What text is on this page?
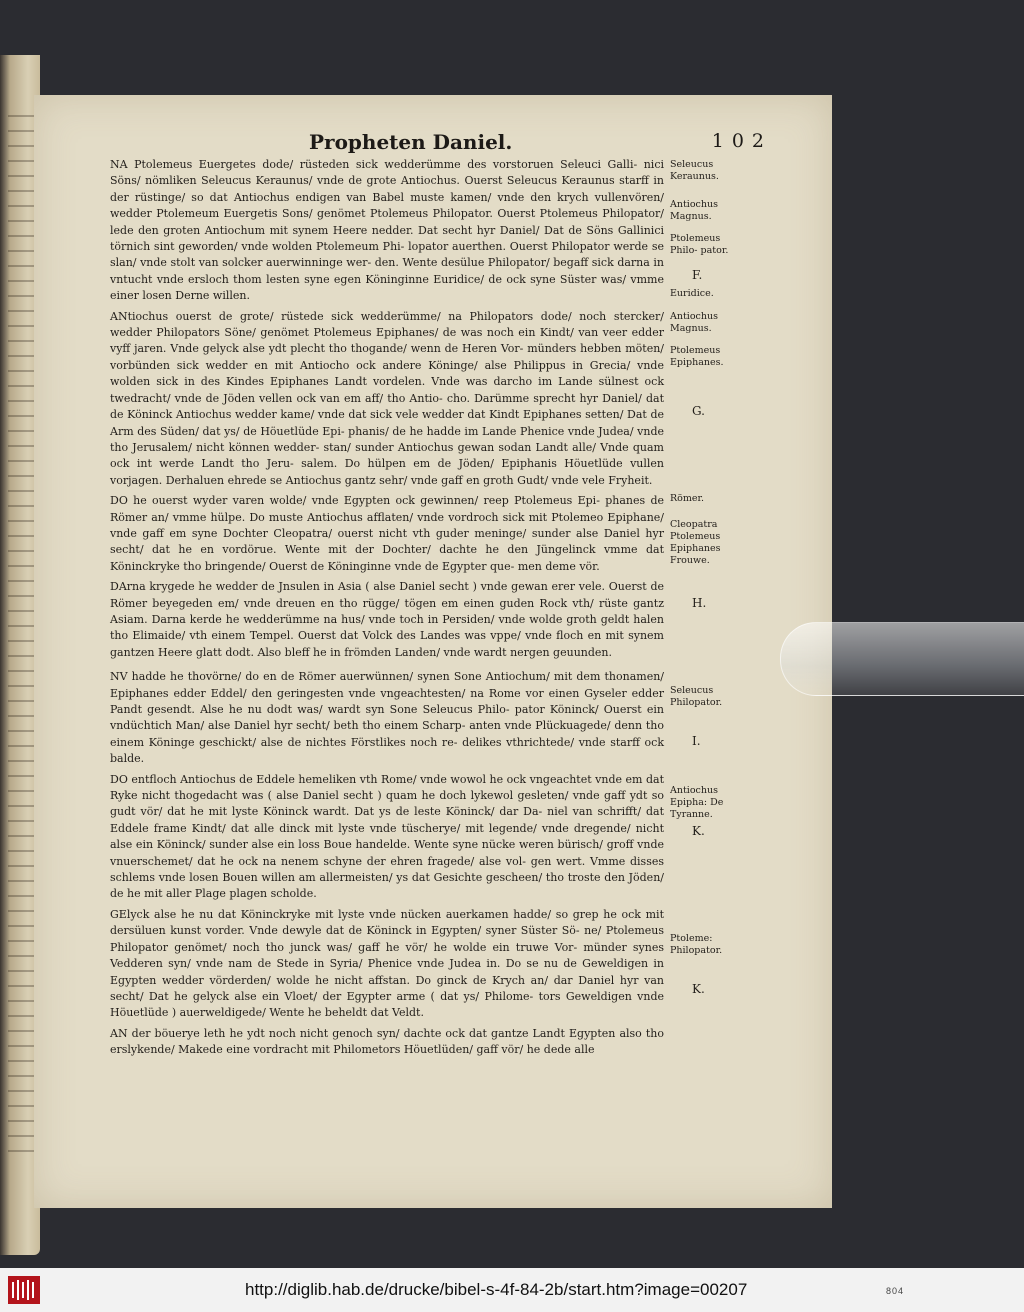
Propheten Daniel.	102

NA Ptolemeus Euergetes dode/ rüsteden sick wedderümme des vorstoruen Seleuci Galli- nici Söns/ nömliken Seleucus Keraunus/ vnde de grote Antiochus. Ouerst Seleucus Keraunus starff in der rüstinge/ so dat Antiochus endigen van Babel muste kamen/ vnde den krych vullenvören/ wedder Ptolemeum Euergetis Sons/ genömet Ptolemeus Philopator. Ouerst Ptolemeus Philopator/ lede den groten Antiochum mit synem Heere nedder. Dat secht hyr Daniel/ Dat de Söns Gallinici törnich sint geworden/ vnde wolden Ptolemeum Phi- lopator auerthen. Ouerst Philopator werde se slan/ vnde stolt van solcker auerwinninge wer- den. Wente desülue Philopator/ begaff sick darna in vntucht vnde ersloch thom lesten syne egen Köninginne Euridice/ de ock syne Süster was/ vmme einer losen Derne willen.

ANtiochus ouerst de grote/ rüstede sick wedderümme/ na Philopators dode/ noch stercker/ wedder Philopators Söne/ genömet Ptolemeus Epiphanes/ de was noch ein Kindt/ van veer edder vyff jaren. Vnde gelyck alse ydt plecht tho thogande/ wenn de Heren Vor- münders hebben möten/ vorbünden sick wedder en mit Antiocho ock andere Köninge/ alse Philippus in Grecia/ vnde wolden sick in des Kindes Epiphanes Landt vordelen. Vnde was darcho im Lande sülnest ock twedracht/ vnde de Jöden vellen ock van em aff/ tho Antio- cho. Darümme sprecht hyr Daniel/ dat de Köninck Antiochus wedder kame/ vnde dat sick vele wedder dat Kindt Epiphanes setten/ Dat de Arm des Süden/ dat ys/ de Höuetlüde Epi- phanis/ de he hadde im Lande Phenice vnde Judea/ vnde tho Jerusalem/ nicht können wedder- stan/ sunder Antiochus gewan sodan Landt alle/ Vnde quam ock int werde Landt tho Jeru- salem. Do hülpen em de Jöden/ Epiphanis Höuetlüde vullen vorjagen. Derhaluen ehrede se Antiochus gantz sehr/ vnde gaff en groth Gudt/ vnde vele Fryheit.

DO he ouerst wyder varen wolde/ vnde Egypten ock gewinnen/ reep Ptolemeus Epi- phanes de Römer an/ vmme hülpe. Do muste Antiochus afflaten/ vnde vordroch sick mit Ptolemeo Epiphane/ vnde gaff em syne Dochter Cleopatra/ ouerst nicht vth guder meninge/ sunder alse Daniel hyr secht/ dat he en vordörue. Wente mit der Dochter/ dachte he den Jüngelinck vmme dat Köninckryke tho bringende/ Ouerst de Köninginne vnde de Egypter que- men deme vör.

DArna krygede he wedder de Jnsulen in Asia ( alse Daniel secht ) vnde gewan erer vele. Ouerst de Römer beyegeden em/ vnde dreuen en tho rügge/ tögen em einen guden Rock vth/ rüste gantz Asiam. Darna kerde he wedderümme na hus/ vnde toch in Persiden/ vnde wolde groth geldt halen tho Elimaide/ vth einem Tempel. Ouerst dat Volck des Landes was vppe/ vnde floch en mit synem gantzen Heere glatt dodt. Also bleff he in frömden Landen/ vnde wardt nergen geuunden.

NV hadde he thovörne/ do en de Römer auerwünnen/ synen Sone Antiochum/ mit dem thonamen/ Epiphanes edder Eddel/ den geringesten vnde vngeachtesten/ na Rome vor einen Gyseler edder Pandt gesendt. Alse he nu dodt was/ wardt syn Sone Seleucus Philo- pator Köninck/ Ouerst ein vndüchtich Man/ alse Daniel hyr secht/ beth tho einem Scharp- anten vnde Plückuagede/ denn tho einem Köninge geschickt/ alse de nichtes Förstlikes noch re- delikes vthrichtede/ vnde starff ock balde.

DO entfloch Antiochus de Eddele hemeliken vth Rome/ vnde wowol he ock vngeachtet vnde em dat Ryke nicht thogedacht was ( alse Daniel secht ) quam he doch lykewol gesleten/ vnde gaff ydt so gudt vör/ dat he mit lyste Köninck wardt. Dat ys de leste Köninck/ dar Da- niel van schrifft/ dat Eddele frame Kindt/ dat alle dinck mit lyste vnde tüscherye/ mit legende/ vnde dregende/ nicht alse ein Köninck/ sunder alse ein loss Boue handelde. Wente syne nücke weren bürisch/ groff vnde vnuerschemet/ dat he ock na nenem schyne der ehren fragede/ alse vol- gen wert. Vmme disses schlems vnde losen Bouen willen am allermeisten/ ys dat Gesichte gescheen/ tho troste den Jöden/ de he mit aller Plage plagen scholde.

GElyck alse he nu dat Köninckryke mit lyste vnde nücken auerkamen hadde/ so grep he ock mit dersüluen kunst vorder. Vnde dewyle dat de Köninck in Egypten/ syner Süster Sö- ne/ Ptolemeus Philopator genömet/ noch tho junck was/ gaff he vör/ he wolde ein truwe Vor- münder synes Vedderen syn/ vnde nam de Stede in Syria/ Phenice vnde Judea in. Do se nu de Geweldigen in Egypten wedder vörderden/ wolde he nicht affstan. Do ginck de Krych an/ dar Daniel hyr van secht/ Dat he gelyck alse ein Vloet/ der Egypter arme ( dat ys/ Philome- tors Geweldigen vnde Höuetlüde ) auerweldigede/ Wente he beheldt dat Veldt.

AN der böuerye leth he ydt noch nicht genoch syn/ dachte ock dat gantze Landt Egypten also tho erslykende/ Makede eine vordracht mit Philometors Höuetlüden/ gaff vör/ he dede alle

Seleucus Keraunus.
Antiochus Magnus.
Ptolemeus Philo- pator.
F.
Euridice.
Antiochus Magnus.
Ptolemeus Epiphanes.
G.
Römer.
Cleopatra Ptolemeus Epiphanes Frouwe.
H.
Seleucus Philopator.
I.
Antiochus Epipha: De Tyranne.
K.
Ptoleme: Philopator.
K.
http://diglib.hab.de/drucke/bibel-s-4f-84-2b/start.htm?image=00207	804
